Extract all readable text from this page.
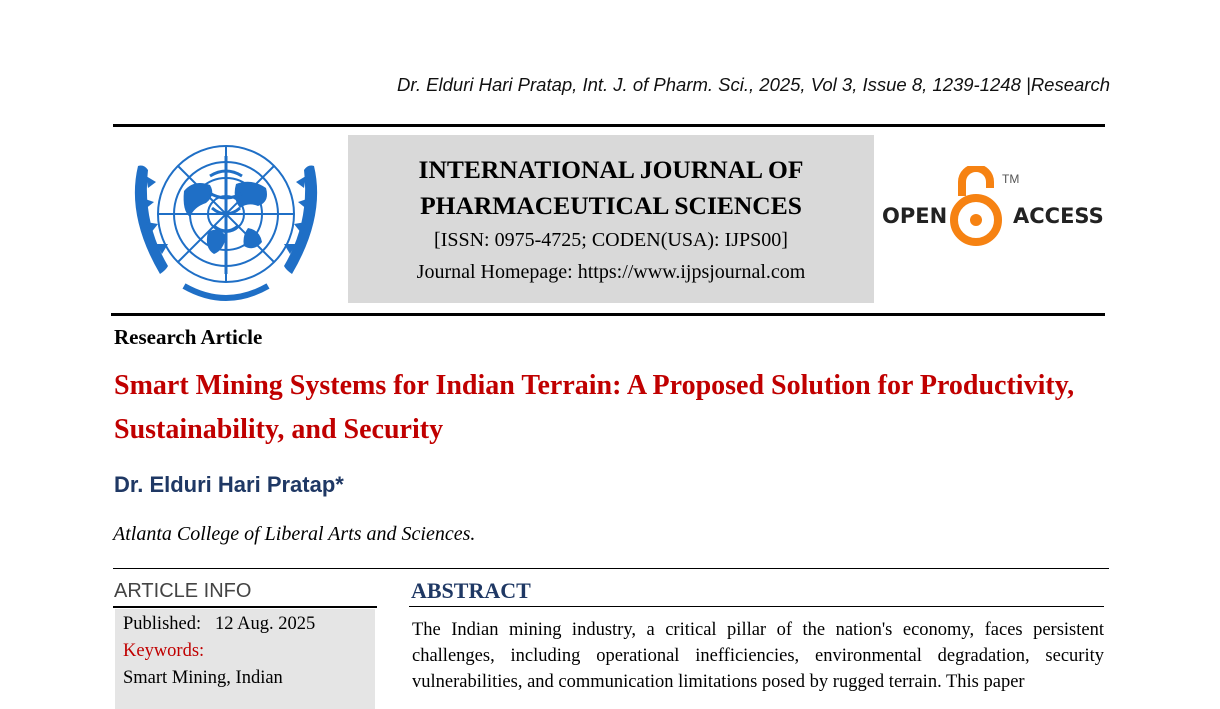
Dr. Elduri Hari Pratap, Int. J. of Pharm. Sci., 2025, Vol 3, Issue 8, 1239-1248 |Research
INTERNATIONAL JOURNAL OF PHARMACEUTICAL SCIENCES
[ISSN: 0975-4725; CODEN(USA): IJPS00]
Journal Homepage: https://www.ijpsjournal.com
OPEN	ACCESS
TM
Research Article
Smart Mining Systems for Indian Terrain: A Proposed Solution for Productivity, Sustainability, and Security
Dr. Elduri Hari Pratap*
Atlanta College of Liberal Arts and Sciences.
ARTICLE INFO
Published: 12 Aug. 2025
Keywords:
Smart Mining, Indian
ABSTRACT
The Indian mining industry, a critical pillar of the nation's economy, faces persistent challenges, including operational inefficiencies, environmental degradation, security vulnerabilities, and communication limitations posed by rugged terrain. This paper
